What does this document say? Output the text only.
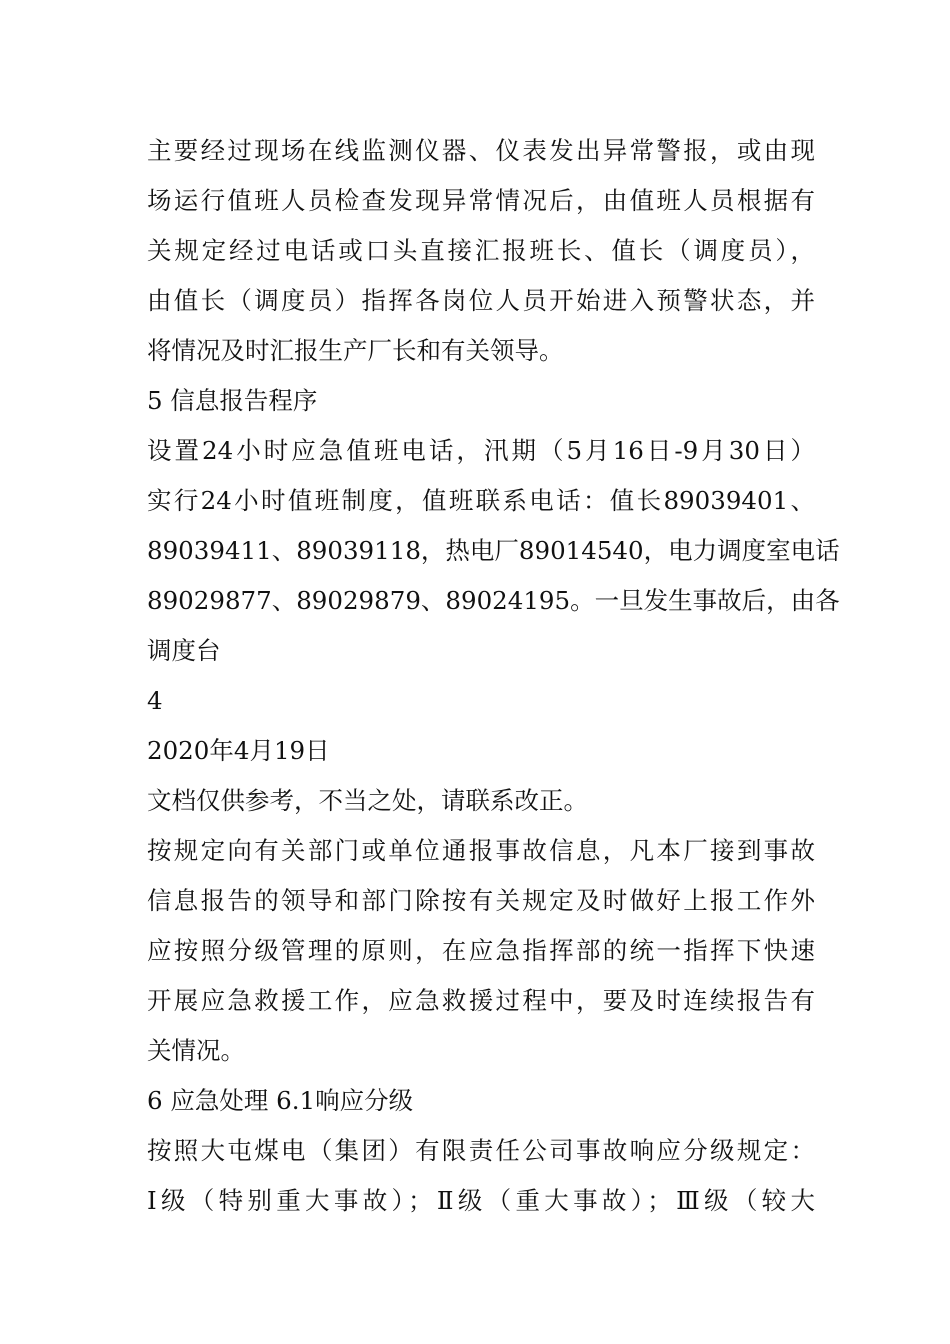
主要经过现场在线监测仪器、仪表发出异常警报，或由现
场运行值班人员检查发现异常情况后，由值班人员根据有
关规定经过电话或口头直接汇报班长、值长（调度员），
由值长（调度员）指挥各岗位人员开始进入预警状态，并
将情况及时汇报生产厂长和有关领导。
5 信息报告程序
设置24小时应急值班电话，汛期（5月16日-9月30日）
实行24小时值班制度，值班联系电话：值长89039401、
89039411、89039118，热电厂89014540，电力调度室电话
89029877、89029879、89024195。一旦发生事故后，由各
调度台
4
2020年4月19日
文档仅供参考，不当之处，请联系改正。
按规定向有关部门或单位通报事故信息，凡本厂接到事故
信息报告的领导和部门除按有关规定及时做好上报工作外
应按照分级管理的原则，在应急指挥部的统一指挥下快速
开展应急救援工作，应急救援过程中，要及时连续报告有
关情况。
6 应急处理 6.1响应分级
按照大屯煤电（集团）有限责任公司事故响应分级规定：
Ⅰ级（特别重大事故）；Ⅱ级（重大事故）；Ⅲ级（较大
